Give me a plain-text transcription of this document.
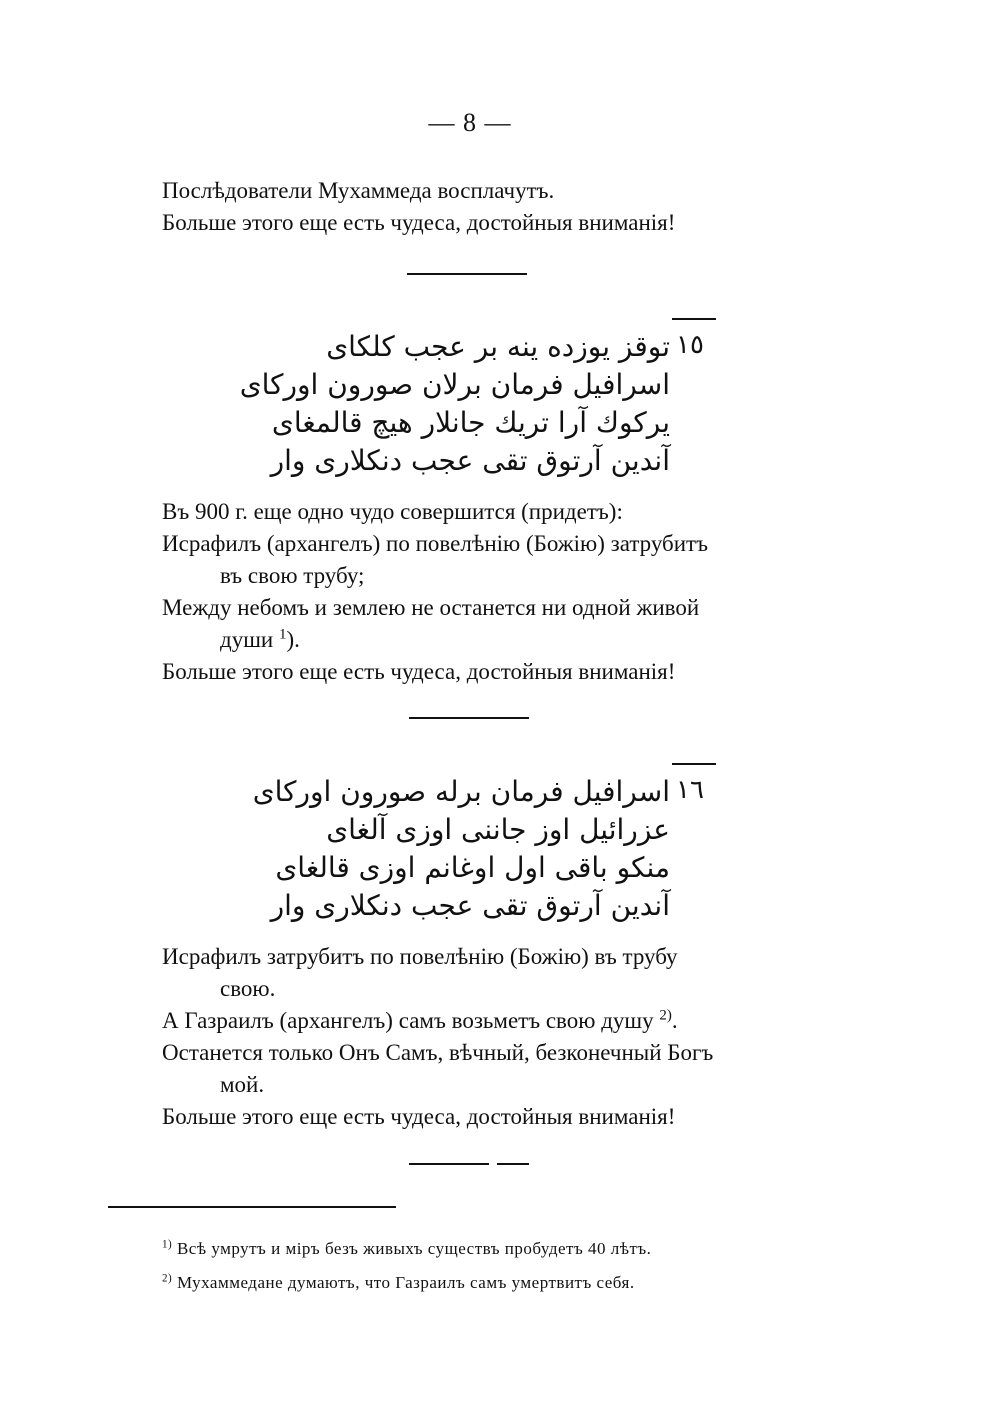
— 8 —
Послѣдователи Мухаммеда восплачутъ.
Больше этого еще есть чудеса, достойныя вниманія!
١٥
توقز يوزده ينه بر عجب كلكاى
اسرافيل فرمان برلان صورون اوركاى
يركوك آرا تريك جانلار هيچ قالمغاى
آندين آرتوق تقى عجب دنكلارى وار
Въ 900 г. еще одно чудо совершится (придетъ):
Исрафилъ (архангелъ) по повелѣнію (Божію) затрубитъ
въ свою трубу;
Между небомъ и землею не останется ни одной живой
души $^1$).
Больше этого еще есть чудеса, достойныя вниманія!
١٦
اسرافيل فرمان برله صورون اوركاى
عزرائيل اوز جاننى اوزى آلغاى
منكو باقى اول اوغانم اوزى قالغاى
آندين آرتوق تقى عجب دنكلارى وار
Исрафилъ затрубитъ по повелѣнію (Божію) въ трубу
свою.
А Газраилъ (архангелъ) самъ возьметъ свою душу $^{2)}$.
Останется только Онъ Самъ, вѣчный, безконечный Богъ
мой.
Больше этого еще есть чудеса, достойныя вниманія!
$^{1)}$ Всѣ умрутъ и міръ безъ живыхъ существъ пробудетъ 40 лѣтъ.
$^{2)}$ Мухаммедане думаютъ, что Газраилъ самъ умертвитъ себя.
